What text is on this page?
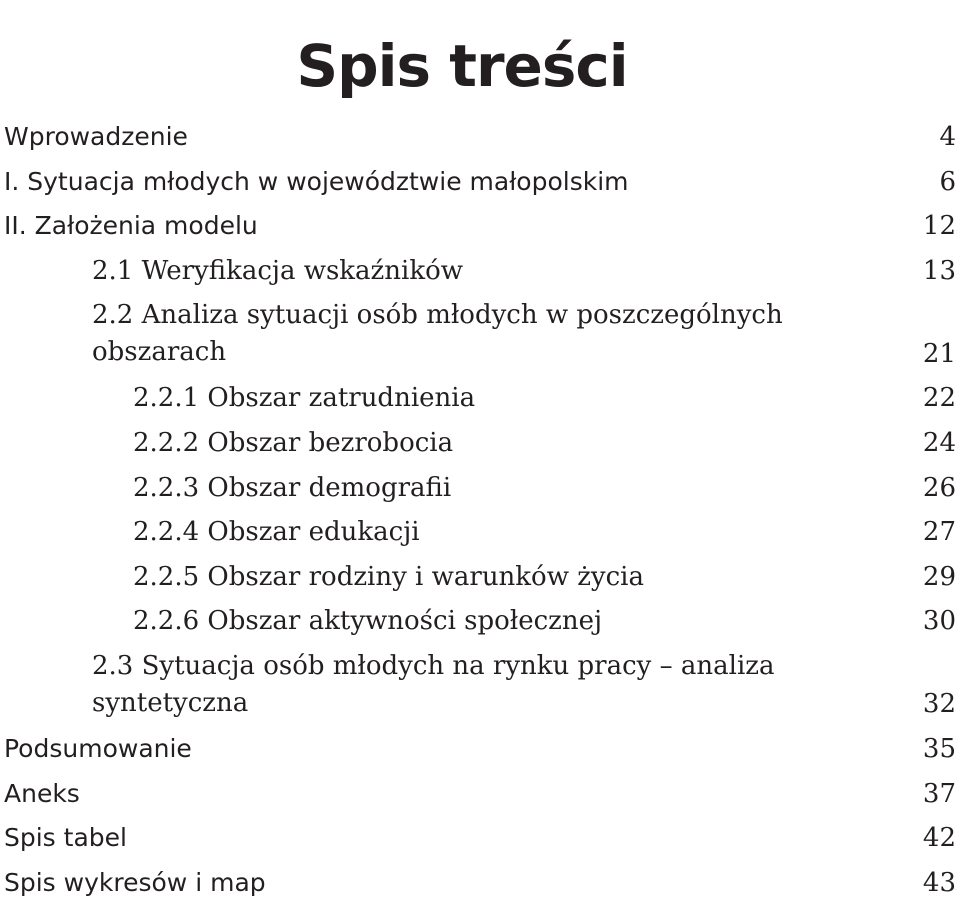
Spis treści
Wprowadzenie	4
I. Sytuacja młodych w województwie małopolskim	6
II. Założenia modelu	12
2.1 Weryfikacja wskaźników	13
2.2 Analiza sytuacji osób młodych w poszczególnych obszarach	21
2.2.1 Obszar zatrudnienia	22
2.2.2 Obszar bezrobocia	24
2.2.3 Obszar demografii	26
2.2.4 Obszar edukacji	27
2.2.5 Obszar rodziny i warunków życia	29
2.2.6 Obszar aktywności społecznej	30
2.3 Sytuacja osób młodych na rynku pracy – analiza syntetyczna	32
Podsumowanie	35
Aneks	37
Spis tabel	42
Spis wykresów i map	43
